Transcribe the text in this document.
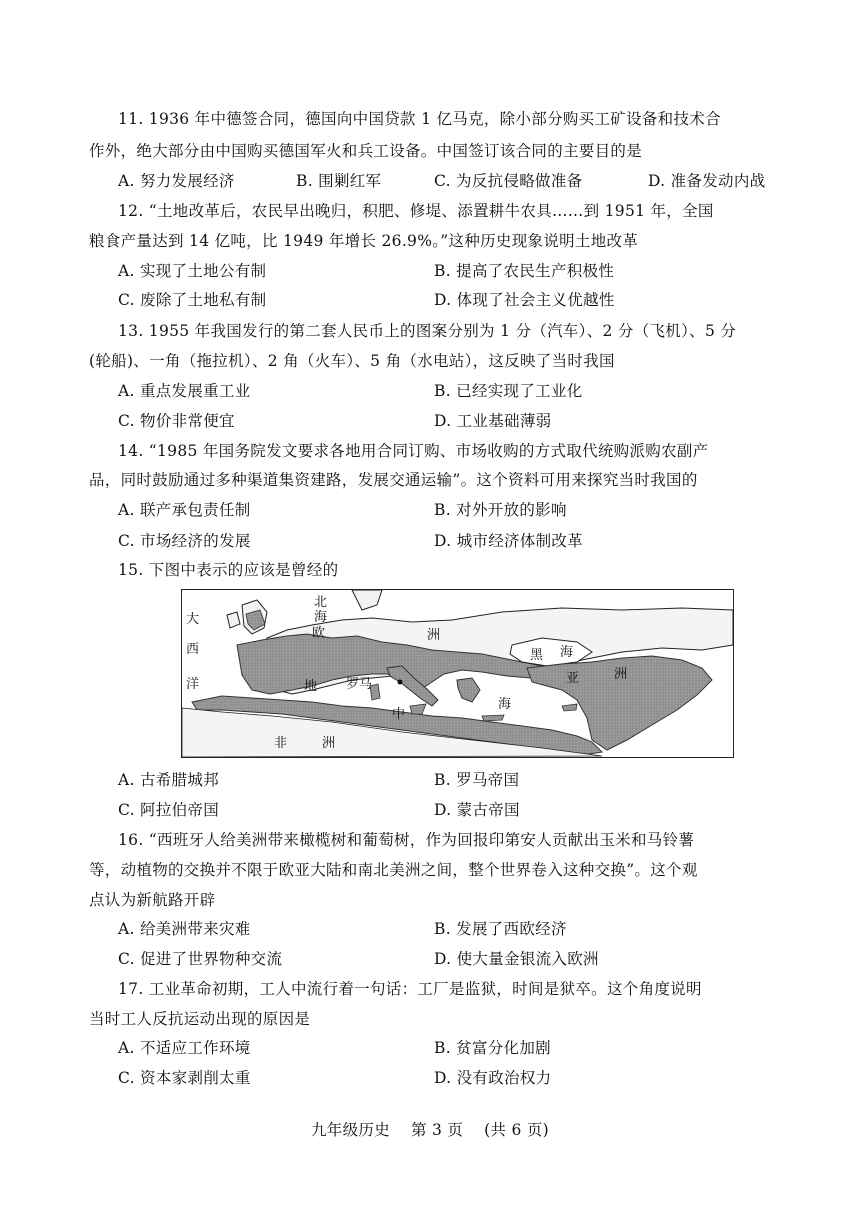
11. 1936 年中德签合同，德国向中国贷款 1 亿马克，除小部分购买工矿设备和技术合
作外，绝大部分由中国购买德国军火和兵工设备。中国签订该合同的主要目的是
A. 努力发展经济	B. 围剿红军	C. 为反抗侵略做准备	D. 准备发动内战
12. “土地改革后，农民早出晚归，积肥、修堤、添置耕牛农具……到 1951 年，全国
粮食产量达到 14 亿吨，比 1949 年增长 26.9%。”这种历史现象说明土地改革
A. 实现了土地公有制	B. 提高了农民生产积极性
C. 废除了土地私有制	D. 体现了社会主义优越性
13. 1955 年我国发行的第二套人民币上的图案分别为 1 分（汽车）、2 分（飞机）、5 分
(轮船)、一角（拖拉机）、2 角（火车）、5 角（水电站），这反映了当时我国
A. 重点发展重工业	B. 已经实现了工业化
C. 物价非常便宜	D. 工业基础薄弱
14. “1985 年国务院发文要求各地用合同订购、市场收购的方式取代统购派购农副产
品，同时鼓励通过多种渠道集资建路，发展交通运输”。这个资料可用来探究当时我国的
A. 联产承包责任制	B. 对外开放的影响
C. 市场经济的发展	D. 城市经济体制改革
15. 下图中表示的应该是曾经的
大
西
洋
北
海
欧	洲
黑 海
亚	洲
地 罗马
中
海
非	洲
A. 古希腊城邦	B. 罗马帝国
C. 阿拉伯帝国	D. 蒙古帝国
16. “西班牙人给美洲带来橄榄树和葡萄树，作为回报印第安人贡献出玉米和马铃薯
等，动植物的交换并不限于欧亚大陆和南北美洲之间，整个世界卷入这种交换”。这个观
点认为新航路开辟
A. 给美洲带来灾难	B. 发展了西欧经济
C. 促进了世界物种交流	D. 使大量金银流入欧洲
17. 工业革命初期，工人中流行着一句话：工厂是监狱，时间是狱卒。这个角度说明
当时工人反抗运动出现的原因是
A. 不适应工作环境	B. 贫富分化加剧
C. 资本家剥削太重	D. 没有政治权力
九年级历史 第 3 页 (共 6 页)
